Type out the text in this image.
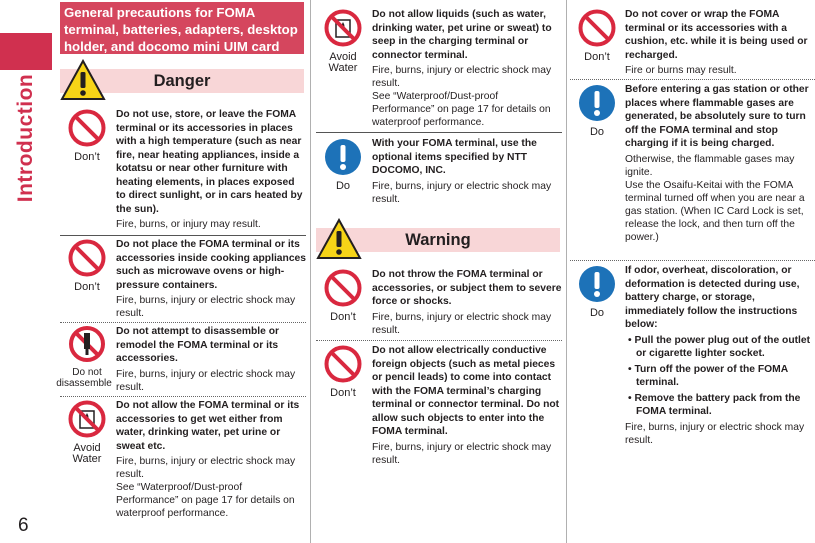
Introduction
6
General precautions for FOMA terminal, batteries, adapters, desktop holder, and docomo mini UIM card
Danger
Don’t
Do not use, store, or leave the FOMA terminal or its accessories in places with a high temperature (such as near fire, near heating appliances, inside a kotatsu or near other furniture with heating elements, in places exposed to direct sunlight, or in cars heated by the sun).
Fire, burns, or injury may result.
Don’t
Do not place the FOMA terminal or its accessories inside cooking appliances such as microwave ovens or high-pressure containers.
Fire, burns, injury or electric shock may result.
Do not
disassemble
Do not attempt to disassemble or remodel the FOMA terminal or its accessories.
Fire, burns, injury or electric shock may result.
Avoid
Water
Do not allow the FOMA terminal or its accessories to get wet either from water, drinking water, pet urine or sweat etc.
Fire, burns, injury or electric shock may result.
See “Waterproof/Dust-proof Performance” on page 17 for details on waterproof performance.
Avoid
Water
Do not allow liquids (such as water, drinking water, pet urine or sweat) to seep in the charging terminal or connector terminal.
Fire, burns, injury or electric shock may result.
See “Waterproof/Dust-proof Performance” on page 17 for details on waterproof performance.
Do
With your FOMA terminal, use the optional items specified by NTT DOCOMO, INC.
Fire, burns, injury or electric shock may result.
Warning
Don’t
Do not throw the FOMA terminal or accessories, or subject them to severe force or shocks.
Fire, burns, injury or electric shock may result.
Don’t
Do not allow electrically conductive foreign objects (such as metal pieces or pencil leads) to come into contact with the FOMA terminal’s charging terminal or connector terminal. Do not allow such objects to enter into the FOMA terminal.
Fire, burns, injury or electric shock may result.
Don’t
Do not cover or wrap the FOMA terminal or its accessories with a cushion, etc. while it is being used or recharged.
Fire or burns may result.
Do
Before entering a gas station or other places where flammable gases are generated, be absolutely sure to turn off the FOMA terminal and stop charging if it is being charged.
Otherwise, the flammable gases may ignite.
Use the Osaifu-Keitai with the FOMA terminal turned off when you are near a gas station. (When IC Card Lock is set, release the lock, and then turn off the power.)
Do
If odor, overheat, discoloration, or deformation is detected during use, battery charge, or storage, immediately follow the instructions below:
• Pull the power plug out of the outlet or cigarette lighter socket.
• Turn off the power of the FOMA terminal.
• Remove the battery pack from the FOMA terminal.
Fire, burns, injury or electric shock may result.
